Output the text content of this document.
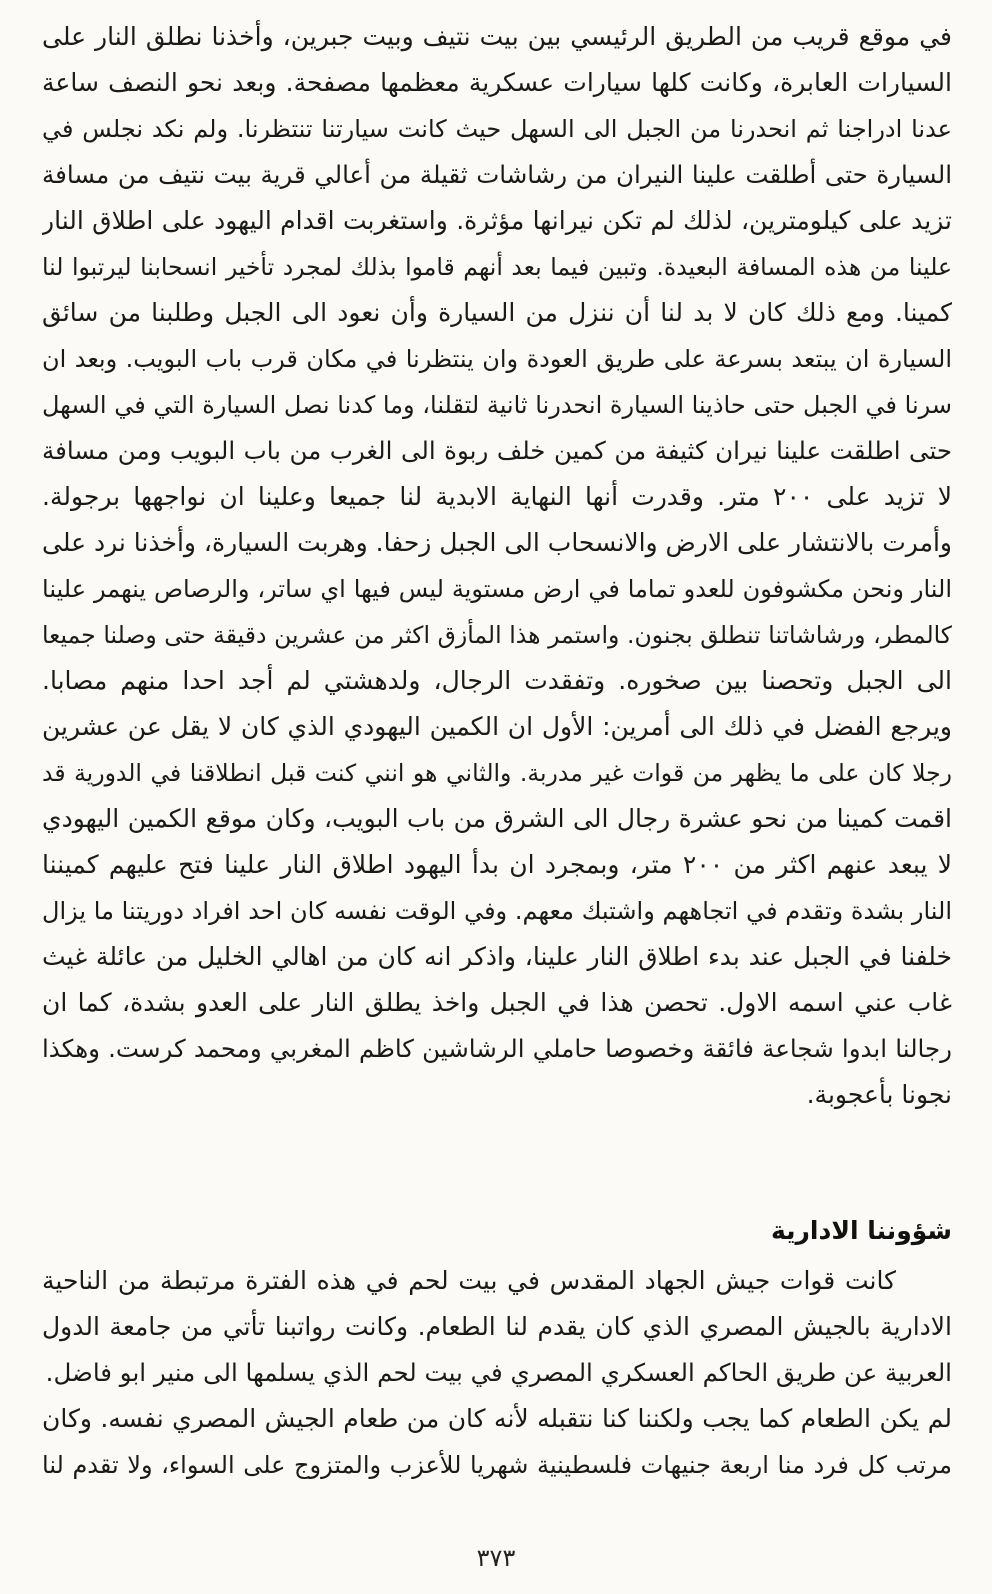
في موقع قريب من الطريق الرئيسي بين بيت نتيف وبيت جبرين، وأخذنا نطلق النار على
السيارات العابرة، وكانت كلها سيارات عسكرية معظمها مصفحة. وبعد نحو النصف ساعة
عدنا ادراجنا ثم انحدرنا من الجبل الى السهل حيث كانت سيارتنا تنتظرنا. ولم نكد نجلس في
السيارة حتى أطلقت علينا النيران من رشاشات ثقيلة من أعالي قرية بيت نتيف من مسافة
تزيد على كيلومترين، لذلك لم تكن نيرانها مؤثرة. واستغربت اقدام اليهود على اطلاق النار
علينا من هذه المسافة البعيدة. وتبين فيما بعد أنهم قاموا بذلك لمجرد تأخير انسحابنا ليرتبوا لنا
كمينا. ومع ذلك كان لا بد لنا أن ننزل من السيارة وأن نعود الى الجبل وطلبنا من سائق
السيارة ان يبتعد بسرعة على طريق العودة وان ينتظرنا في مكان قرب باب البويب. وبعد ان
سرنا في الجبل حتى حاذينا السيارة انحدرنا ثانية لتقلنا، وما كدنا نصل السيارة التي في السهل
حتى اطلقت علينا نيران كثيفة من كمين خلف ربوة الى الغرب من باب البويب ومن مسافة
لا تزيد على ٢٠٠ متر. وقدرت أنها النهاية الابدية لنا جميعا وعلينا ان نواجهها برجولة.
وأمرت بالانتشار على الارض والانسحاب الى الجبل زحفا. وهربت السيارة، وأخذنا نرد على
النار ونحن مكشوفون للعدو تماما في ارض مستوية ليس فيها اي ساتر، والرصاص ينهمر علينا
كالمطر، ورشاشاتنا تنطلق بجنون. واستمر هذا المأزق اكثر من عشرين دقيقة حتى وصلنا جميعا
الى الجبل وتحصنا بين صخوره. وتفقدت الرجال، ولدهشتي لم أجد احدا منهم مصابا.
ويرجع الفضل في ذلك الى أمرين: الأول ان الكمين اليهودي الذي كان لا يقل عن عشرين
رجلا كان على ما يظهر من قوات غير مدربة. والثاني هو انني كنت قبل انطلاقنا في الدورية قد
اقمت كمينا من نحو عشرة رجال الى الشرق من باب البويب، وكان موقع الكمين اليهودي
لا يبعد عنهم اكثر من ٢٠٠ متر، وبمجرد ان بدأ اليهود اطلاق النار علينا فتح عليهم كميننا
النار بشدة وتقدم في اتجاههم واشتبك معهم. وفي الوقت نفسه كان احد افراد دوريتنا ما يزال
خلفنا في الجبل عند بدء اطلاق النار علينا، واذكر انه كان من اهالي الخليل من عائلة غيث
غاب عني اسمه الاول. تحصن هذا في الجبل واخذ يطلق النار على العدو بشدة، كما ان
رجالنا ابدوا شجاعة فائقة وخصوصا حاملي الرشاشين كاظم المغربي ومحمد كرست. وهكذا
نجونا بأعجوبة.
شؤوننا الادارية
كانت قوات جيش الجهاد المقدس في بيت لحم في هذه الفترة مرتبطة من الناحية
الادارية بالجيش المصري الذي كان يقدم لنا الطعام. وكانت رواتبنا تأتي من جامعة الدول
العربية عن طريق الحاكم العسكري المصري في بيت لحم الذي يسلمها الى منير ابو فاضل.
لم يكن الطعام كما يجب ولكننا كنا نتقبله لأنه كان من طعام الجيش المصري نفسه. وكان
مرتب كل فرد منا اربعة جنيهات فلسطينية شهريا للأعزب والمتزوج على السواء، ولا تقدم لنا
٣٧٣
